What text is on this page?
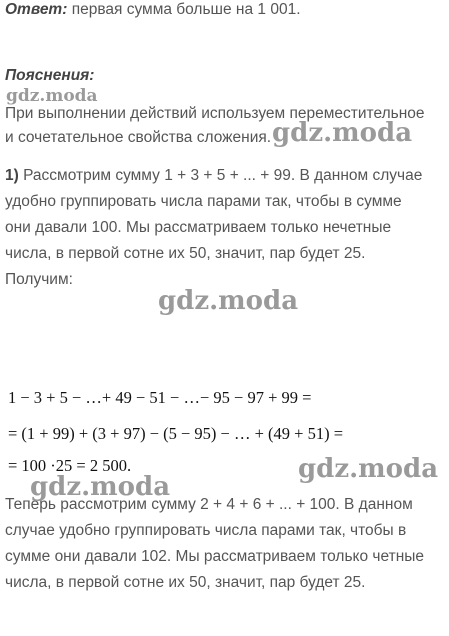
Ответ: первая сумма больше на 1 001.
Пояснения:
При выполнении действий используем переместительное
и сочетательное свойства сложения.
1) Рассмотрим сумму 1 + 3 + 5 + ... + 99. В данном случае
удобно группировать числа парами так, чтобы в сумме
они давали 100. Мы рассматриваем только нечетные
числа, в первой сотне их 50, значит, пар будет 25.
Получим:
1 − 3 + 5 − …+ 49 − 51 − …− 95 − 97 + 99 =
= (1 + 99) + (3 + 97) − (5 − 95) − … + (49 + 51) =
= 100 ·25 = 2 500.
Теперь рассмотрим сумму 2 + 4 + 6 + ... + 100. В данном
случае удобно группировать числа парами так, чтобы в
сумме они давали 102. Мы рассматриваем только четные
числа, в первой сотне их 50, значит, пар будет 25.
gdz.moda
gdz.moda
gdz.moda
gdz.moda
gdz.moda
